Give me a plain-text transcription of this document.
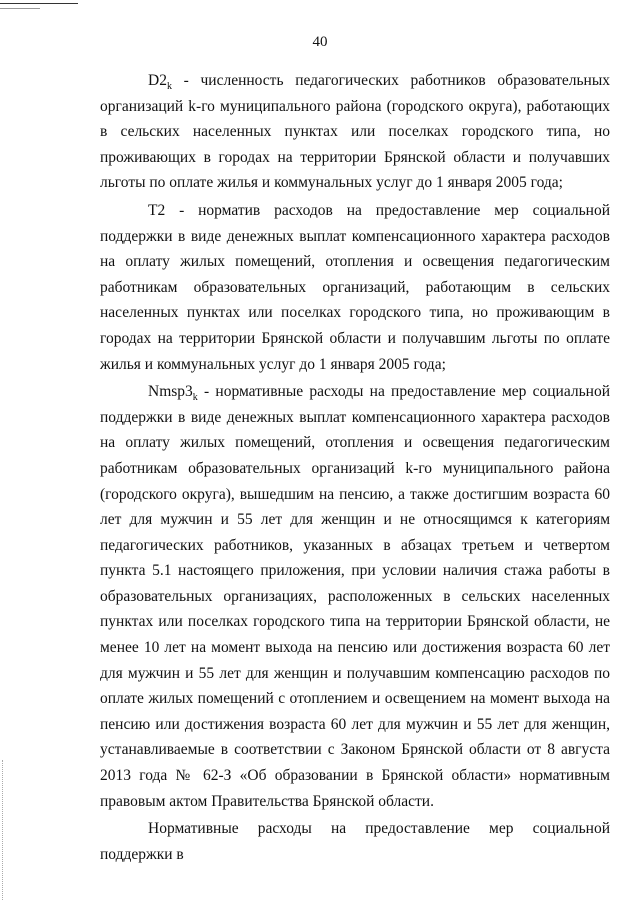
40

$D2_k$ - численность педагогических работников образовательных организаций k-го муниципального района (городского округа), работающих в сельских населенных пунктах или поселках городского типа, но проживающих в городах на территории Брянской области и получавших льготы по оплате жилья и коммунальных услуг до 1 января 2005 года;

Т2 - норматив расходов на предоставление мер социальной поддержки в виде денежных выплат компенсационного характера расходов на оплату жилых помещений, отопления и освещения педагогическим работникам образовательных организаций, работающим в сельских населенных пунктах или поселках городского типа, но проживающим в городах на территории Брянской области и получавшим льготы по оплате жилья и коммунальных услуг до 1 января 2005 года;

$Nmsp3_k$ - нормативные расходы на предоставление мер социальной поддержки в виде денежных выплат компенсационного характера расходов на оплату жилых помещений, отопления и освещения педагогическим работникам образовательных организаций k-го муниципального района (городского округа), вышедшим на пенсию, а также достигшим возраста 60 лет для мужчин и 55 лет для женщин и не относящимся к категориям педагогических работников, указанных в абзацах третьем и четвертом пункта 5.1 настоящего приложения, при условии наличия стажа работы в образовательных организациях, расположенных в сельских населенных пунктах или поселках городского типа на территории Брянской области, не менее 10 лет на момент выхода на пенсию или достижения возраста 60 лет для мужчин и 55 лет для женщин и получавшим компенсацию расходов по оплате жилых помещений с отоплением и освещением на момент выхода на пенсию или достижения возраста 60 лет для мужчин и 55 лет для женщин, устанавливаемые в соответствии с Законом Брянской области от 8 августа 2013 года № 62-З «Об образовании в Брянской области» нормативным правовым актом Правительства Брянской области.

Нормативные расходы на предоставление мер социальной поддержки в
